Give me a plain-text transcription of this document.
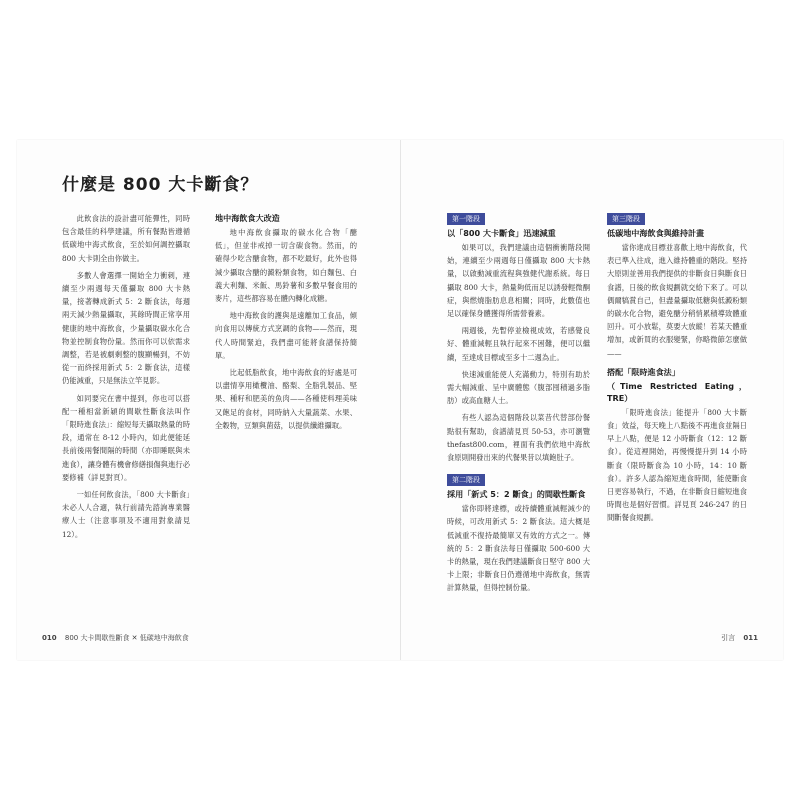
什麼是 800 大卡斷食？

此飲食法的設計盡可能彈性，同時包含最佳的科學建議，所有餐點皆遵循低碳地中海式飲食，至於如何調控攝取 800 大卡則全由你做主。

多數人會選擇一開始全力衝刺，連續至少兩週每天僅攝取 800 大卡熱量，接著轉成新式 5：2 斷食法，每週兩天減少熱量攝取，其餘時間正常享用健康的地中海飲食，少量攝取碳水化合物並控制食物份量。然而你可以依需求調整，若是被劇剩整的腹顯暢到，不妨從一而終採用新式 5：2 斷食法，這樣仍能減重，只是無法立竿見影。

如同要完在書中提到，你也可以搭配一種相當新穎的間歇性斷食法叫作「限時進食法」：縮短每天攝取熱量的時段，通常在 8-12 小時內，如此便能延長前後兩餐間隔的時間（亦即睡眠與未進食），讓身體有機會修繕損傷與進行必要修補（詳見對頁）。

一如任何飲食法，「800 大卡斷食」未必人人合適，執行前請先諮詢專業醫療人士（注意事項及不適用對象請見 12）。

地中海飲食大改造

地中海飲食攝取的碳水化合物「醣低」，但並非戒掉一切含碳食物。然而，的確得少吃含醣食物，都不吃最好，此外也得減少攝取含醣的澱粉類食物，如白麵包、白義大利麵、米飯、馬鈴薯和多數早餐食用的麥片，這些都容易在體內轉化成糖。

地中海飲食的護與是遠離加工食品，傾向食用以傳統方式烹調的食物——然而，現代人時間緊迫，我們盡可能將食譜保持簡單。

比起低脂飲食，地中海飲食的好處是可以盡情享用橄欖油、酪梨、全脂乳製品、堅果、種籽和肥美的魚肉——各種使料理美味又飽足的食材，同時納入大量蔬菜、水果、全穀物，豆類與菌菇，以提供纖維攝取。

第一階段
以「800 大卡斷食」迅速減重

如果可以，我們建議由這個衝衝階段開始，連續至少兩週每日僅攝取 800 大卡熱量，以啟動減重流程與強健代謝系統。每日攝取 800 大卡，熱量夠低而足以誘發輕微酮症，與燃燒脂肪息息相關；同時，此數值也足以確保身體獲得所需營養素。

兩週後，先暫停並檢視成效，若感覺良好、體重減輕且執行起來不困難，便可以繼續，至達成目標或至多十二週為止。

快速減重能使人充滿動力，特別有助於需大幅減重、呈中廣體態（腹部囤積過多脂肪）或高血糖人士。

有些人認為這個階段以菜昔代替部份餐點很有幫助，食譜請見頁 50-53，亦可瀏覽 thefast800.com，裡面有我們依地中海飲食原則開發出來的代餐果昔以填飽肚子。

第二階段
採用「新式 5：2 斷食」的間歇性斷食

當你即將達標，或持續體重減輕減少的時候，可改用新式 5：2 斷食法。這大概是低減重不復持最簡單又有效的方式之一。傳統的 5：2 斷食法每日僅攝取 500-600 大卡的熱量，現在我們建議斷食日堅守 800 大卡上限；非斷食日仍遵循地中海飲食，無需計算熱量，但得控制份量。

第三階段
低碳地中海飲食與維持計畫

當你達成目標並喜歡上地中海飲食，代表已準入往成，進入維持體重的階段。堅持大原則並善用我們提供的非斷食日與斷食日食譜，日後的飲食規劃就交給下來了。可以偶爾犒賞自己，但盡量攝取低糖與低澱粉類的碳水化合物，避免醣分稍悄累積導致體重回升。可小放鬆，莫要大放縱！若某天體重增加，或新買的衣服變緊，你略微節怎麼做——

搭配「限時進食法」
（Time Restricted Eating，TRE）

「限時進食法」能提升「800 大卡斷食」效益，每天晚上八點後不再進食並隔日早上八點，便是 12 小時斷食（12：12 斷食）。從這裡開始，再慢慢提升到 14 小時斷食（限時斷食為 10 小時，14：10 斷食）。許多人認為縮短進食時間，能使斷食日更容易執行，不過，在非斷食日縮短進食時間也是個好習慣。詳見頁 246-247 的日間斷餐食規劃。

010 800 大卡間歇性斷食 ✕ 低碳地中海飲食	引言 011
